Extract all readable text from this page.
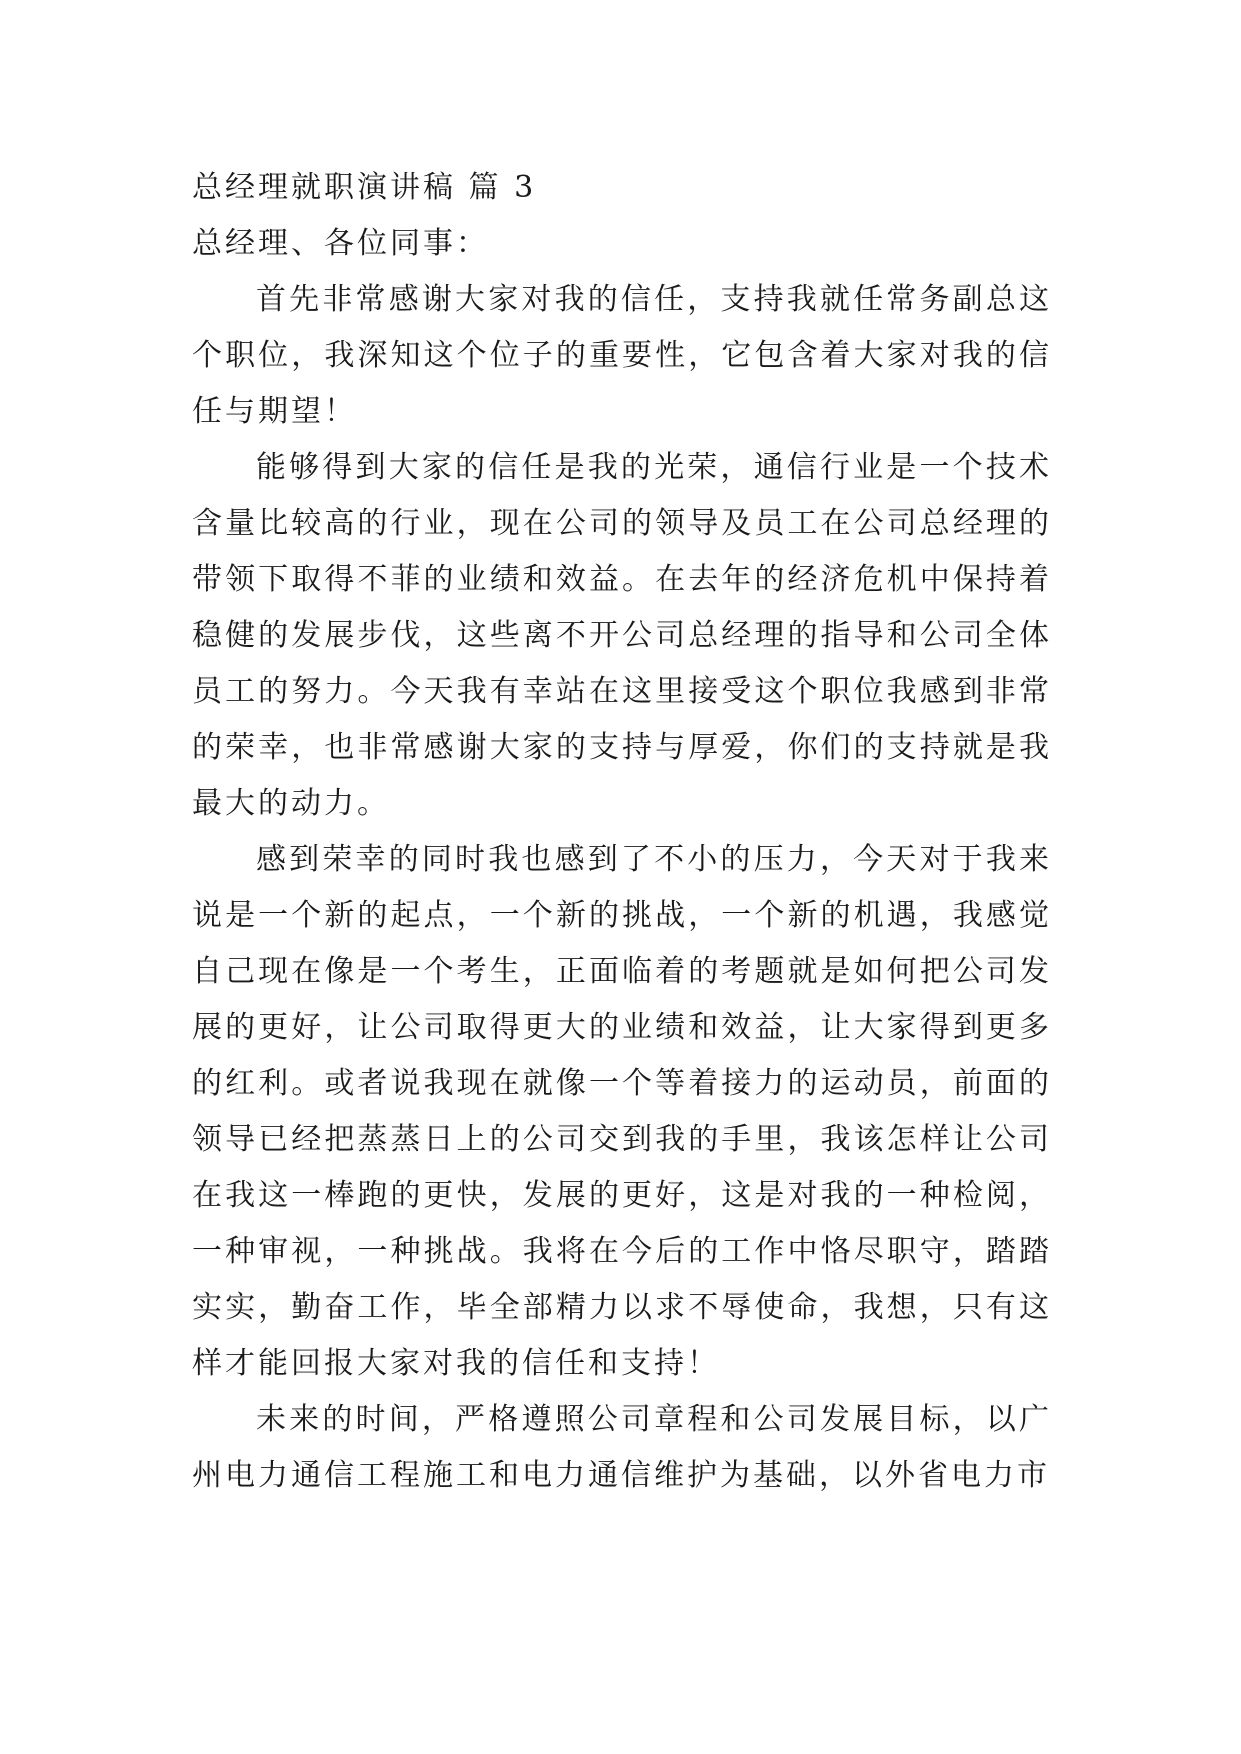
总经理就职演讲稿 篇 3

总经理、各位同事：

首先非常感谢大家对我的信任，支持我就任常务副总这个职位，我深知这个位子的重要性，它包含着大家对我的信任与期望！

能够得到大家的信任是我的光荣，通信行业是一个技术含量比较高的行业，现在公司的领导及员工在公司总经理的带领下取得不菲的业绩和效益。在去年的经济危机中保持着稳健的发展步伐，这些离不开公司总经理的指导和公司全体员工的努力。今天我有幸站在这里接受这个职位我感到非常的荣幸，也非常感谢大家的支持与厚爱，你们的支持就是我最大的动力。

感到荣幸的同时我也感到了不小的压力，今天对于我来说是一个新的起点，一个新的挑战，一个新的机遇，我感觉自己现在像是一个考生，正面临着的考题就是如何把公司发展的更好，让公司取得更大的业绩和效益，让大家得到更多的红利。或者说我现在就像一个等着接力的运动员，前面的领导已经把蒸蒸日上的公司交到我的手里，我该怎样让公司在我这一棒跑的更快，发展的更好，这是对我的一种检阅，一种审视，一种挑战。我将在今后的工作中恪尽职守，踏踏实实，勤奋工作，毕全部精力以求不辱使命，我想，只有这样才能回报大家对我的信任和支持！

未来的时间，严格遵照公司章程和公司发展目标，以广州电力通信工程施工和电力通信维护为基础，以外省电力市
